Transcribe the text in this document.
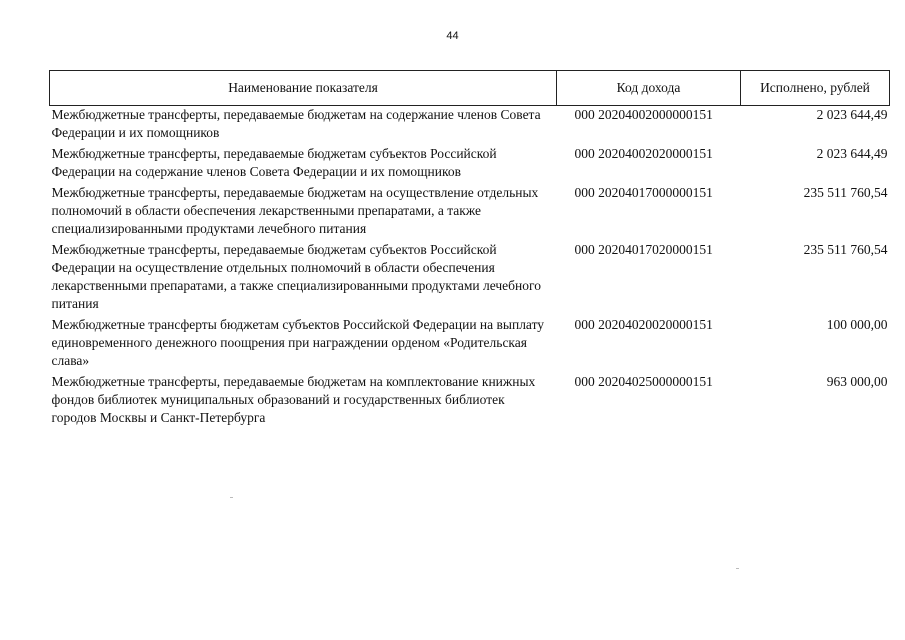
44
Наименование показателя	Код дохода	Исполнено, рублей
Межбюджетные трансферты, передаваемые бюджетам на содержание членов Совета Федерации и их помощников	000 20204002000000151	2 023 644,49
Межбюджетные трансферты, передаваемые бюджетам субъектов Российской Федерации на содержание членов Совета Федерации и их помощников	000 20204002020000151	2 023 644,49
Межбюджетные трансферты, передаваемые бюджетам на осуществление отдельных полномочий в области обеспечения лекарственными препаратами, а также специализированными продуктами лечебного питания	000 20204017000000151	235 511 760,54
Межбюджетные трансферты, передаваемые бюджетам субъектов Российской Федерации на осуществление отдельных полномочий в области обеспечения лекарственными препаратами, а также специализированными продуктами лечебного питания	000 20204017020000151	235 511 760,54
Межбюджетные трансферты бюджетам субъектов Российской Федерации на выплату единовременного денежного поощрения при награждении орденом «Родительская слава»	000 20204020020000151	100 000,00
Межбюджетные трансферты, передаваемые бюджетам на комплектование книжных фондов библиотек муниципальных образований и государственных библиотек городов Москвы и Санкт-Петербурга	000 20204025000000151	963 000,00
